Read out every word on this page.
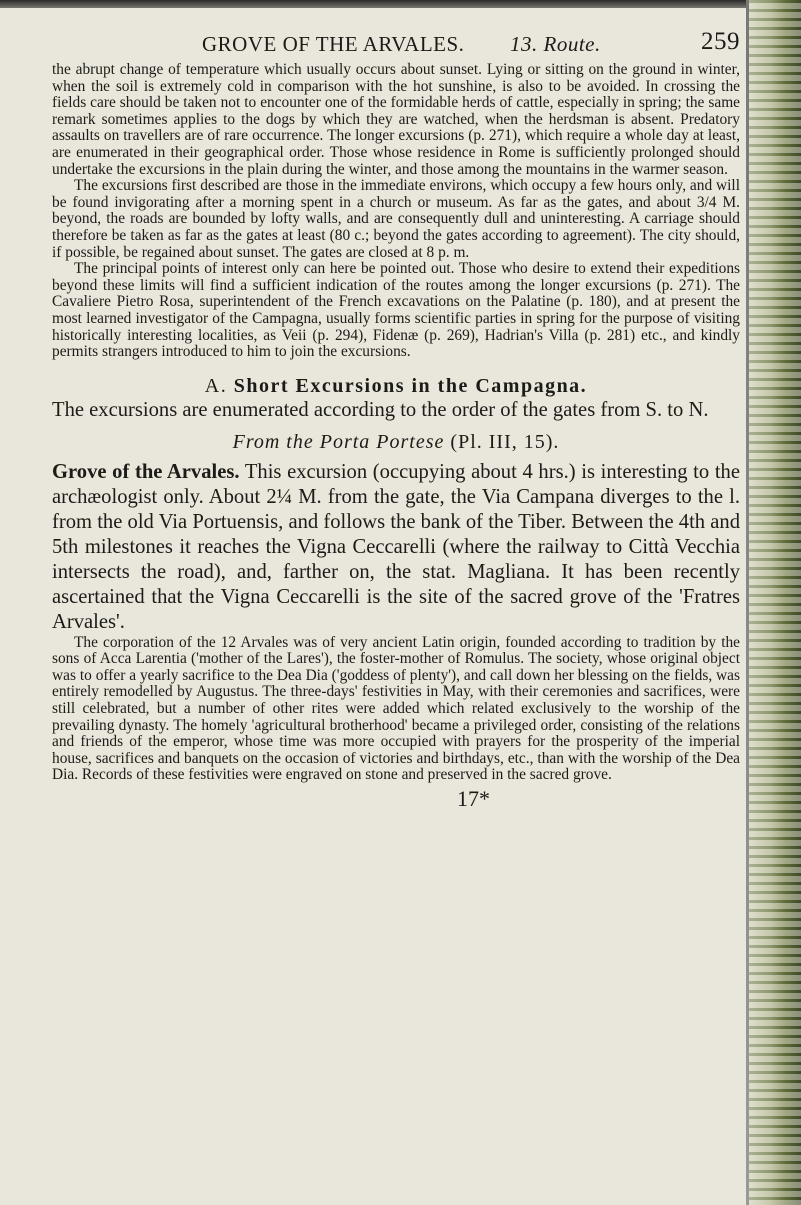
GROVE OF THE ARVALES. 13. Route.	259

the abrupt change of temperature which usually occurs about sunset. Lying or sitting on the ground in winter, when the soil is extremely cold in comparison with the hot sunshine, is also to be avoided. In crossing the fields care should be taken not to encounter one of the formidable herds of cattle, especially in spring; the same remark sometimes applies to the dogs by which they are watched, when the herdsman is absent. Predatory assaults on travellers are of rare occurrence. The longer excursions (p. 271), which require a whole day at least, are enumerated in their geographical order. Those whose residence in Rome is sufficiently prolonged should undertake the excursions in the plain during the winter, and those among the mountains in the warmer season.

The excursions first described are those in the immediate environs, which occupy a few hours only, and will be found invigorating after a morning spent in a church or museum. As far as the gates, and about 3/4 M. beyond, the roads are bounded by lofty walls, and are consequently dull and uninteresting. A carriage should therefore be taken as far as the gates at least (80 c.; beyond the gates according to agreement). The city should, if possible, be regained about sunset. The gates are closed at 8 p. m.

The principal points of interest only can here be pointed out. Those who desire to extend their expeditions beyond these limits will find a sufficient indication of the routes among the longer excursions (p. 271). The Cavaliere Pietro Rosa, superintendent of the French excavations on the Palatine (p. 180), and at present the most learned investigator of the Campagna, usually forms scientific parties in spring for the purpose of visiting historically interesting localities, as Veii (p. 294), Fidenæ (p. 269), Hadrian's Villa (p. 281) etc., and kindly permits strangers introduced to him to join the excursions.

A. Short Excursions in the Campagna.

The excursions are enumerated according to the order of the gates from S. to N.

From the Porta Portese (Pl. III, 15).

Grove of the Arvales. This excursion (occupying about 4 hrs.) is interesting to the archæologist only. About 2¼ M. from the gate, the Via Campana diverges to the l. from the old Via Portuensis, and follows the bank of the Tiber. Between the 4th and 5th milestones it reaches the Vigna Ceccarelli (where the railway to Città Vecchia intersects the road), and, farther on, the stat. Magliana. It has been recently ascertained that the Vigna Ceccarelli is the site of the sacred grove of the 'Fratres Arvales'.

The corporation of the 12 Arvales was of very ancient Latin origin, founded according to tradition by the sons of Acca Larentia ('mother of the Lares'), the foster-mother of Romulus. The society, whose original object was to offer a yearly sacrifice to the Dea Dia ('goddess of plenty'), and call down her blessing on the fields, was entirely remodelled by Augustus. The three-days' festivities in May, with their ceremonies and sacrifices, were still celebrated, but a number of other rites were added which related exclusively to the worship of the prevailing dynasty. The homely 'agricultural brotherhood' became a privileged order, consisting of the relations and friends of the emperor, whose time was more occupied with prayers for the prosperity of the imperial house, sacrifices and banquets on the occasion of victories and birthdays, etc., than with the worship of the Dea Dia. Records of these festivities were engraved on stone and preserved in the sacred grove.

17*
